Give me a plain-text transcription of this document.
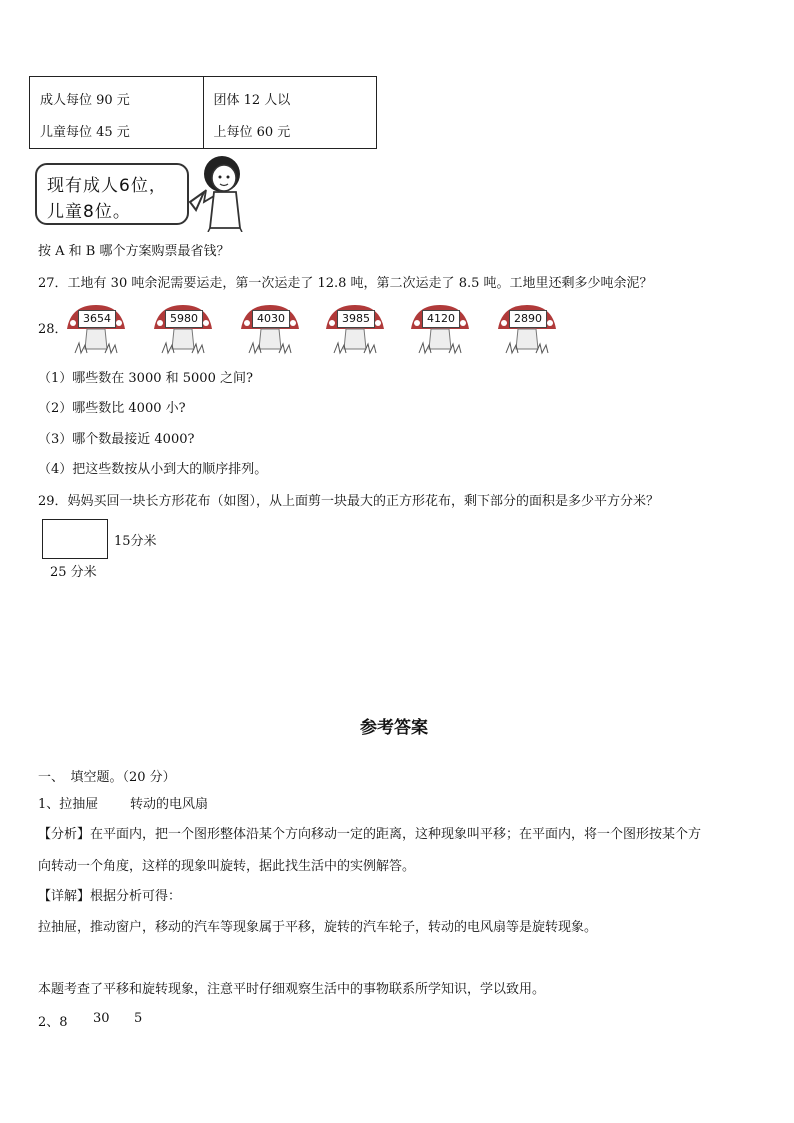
成人每位 90 元
儿童每位 45 元
团体 12 人以
上每位 60 元
现有成人6位，
儿童8位。
按 A 和 B 哪个方案购票最省钱？
27．工地有 30 吨余泥需要运走，第一次运走了 12.8 吨，第二次运走了 8.5 吨。工地里还剩多少吨余泥？
28．
3654	5980	4030	3985	4120	2890
（1）哪些数在 3000 和 5000 之间?
（2）哪些数比 4000 小?
（3）哪个数最接近 4000?
（4）把这些数按从小到大的顺序排列。
29．妈妈买回一块长方形花布（如图），从上面剪一块最大的正方形花布，剩下部分的面积是多少平方分米？
15分米
25 分米
参考答案
一、　填空题。（20 分）
1、拉抽屉 转动的电风扇
【分析】在平面内，把一个图形整体沿某个方向移动一定的距离，这种现象叫平移；在平面内，将一个图形按某个方
向转动一个角度，这样的现象叫旋转，据此找生活中的实例解答。
【详解】根据分析可得：
拉抽屉，推动窗户，移动的汽车等现象属于平移，旋转的汽车轮子，转动的电风扇等是旋转现象。
本题考查了平移和旋转现象，注意平时仔细观察生活中的事物联系所学知识，学以致用。
2、8 30 5
